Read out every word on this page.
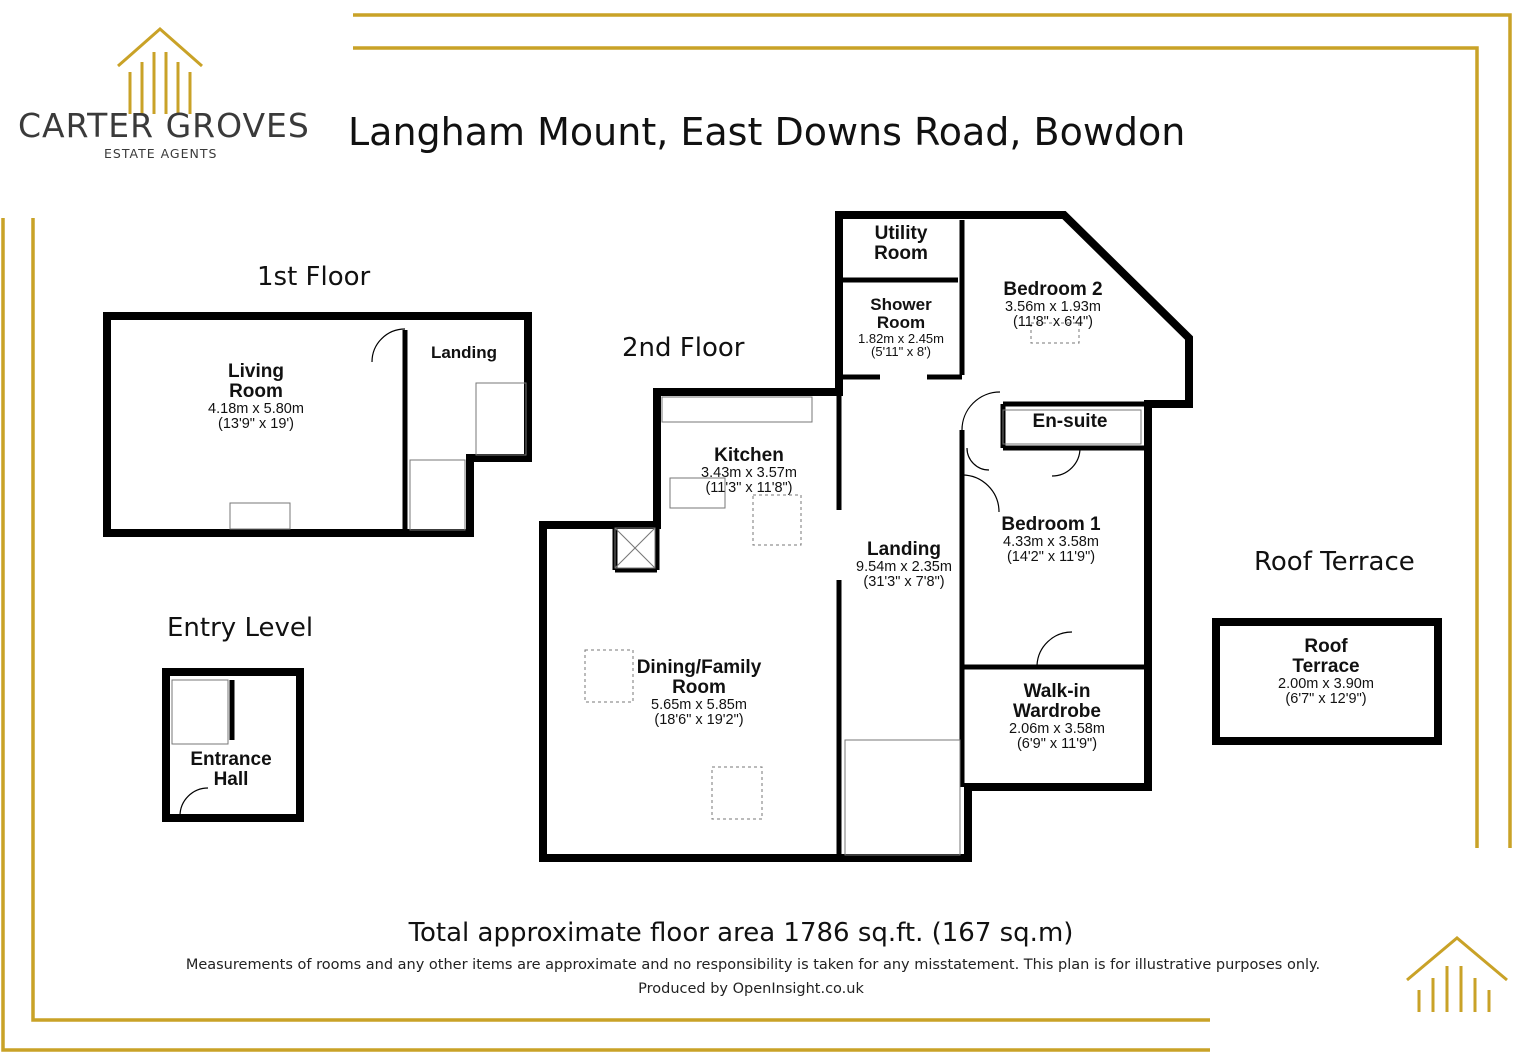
CARTER GROVES
ESTATE AGENTS	Langham Mount, East Downs Road, Bowdon
1st Floor
2nd Floor
Entry Level
Roof Terrace
Living
Room
4.18m x 5.80m
(13'9" x 19')
Landing
Entrance
Hall
Utility
Room
Shower
Room
1.82m x 2.45m
(5'11" x 8')
Bedroom 2
3.56m x 1.93m
(11'8" x 6'4")
Kitchen
3.43m x 3.57m
(11'3" x 11'8")
En-suite
Bedroom 1
4.33m x 3.58m
(14'2" x 11'9")
Landing
9.54m x 2.35m
(31'3" x 7'8")
Dining/Family
Room
5.65m x 5.85m
(18'6" x 19'2")
Walk-in
Wardrobe
2.06m x 3.58m
(6'9" x 11'9")
Roof
Terrace
2.00m x 3.90m
(6'7" x 12'9")
Total approximate floor area 1786 sq.ft. (167 sq.m)
Measurements of rooms and any other items are approximate and no responsibility is taken for any misstatement. This plan is for illustrative purposes only.
Produced by OpenInsight.co.uk
